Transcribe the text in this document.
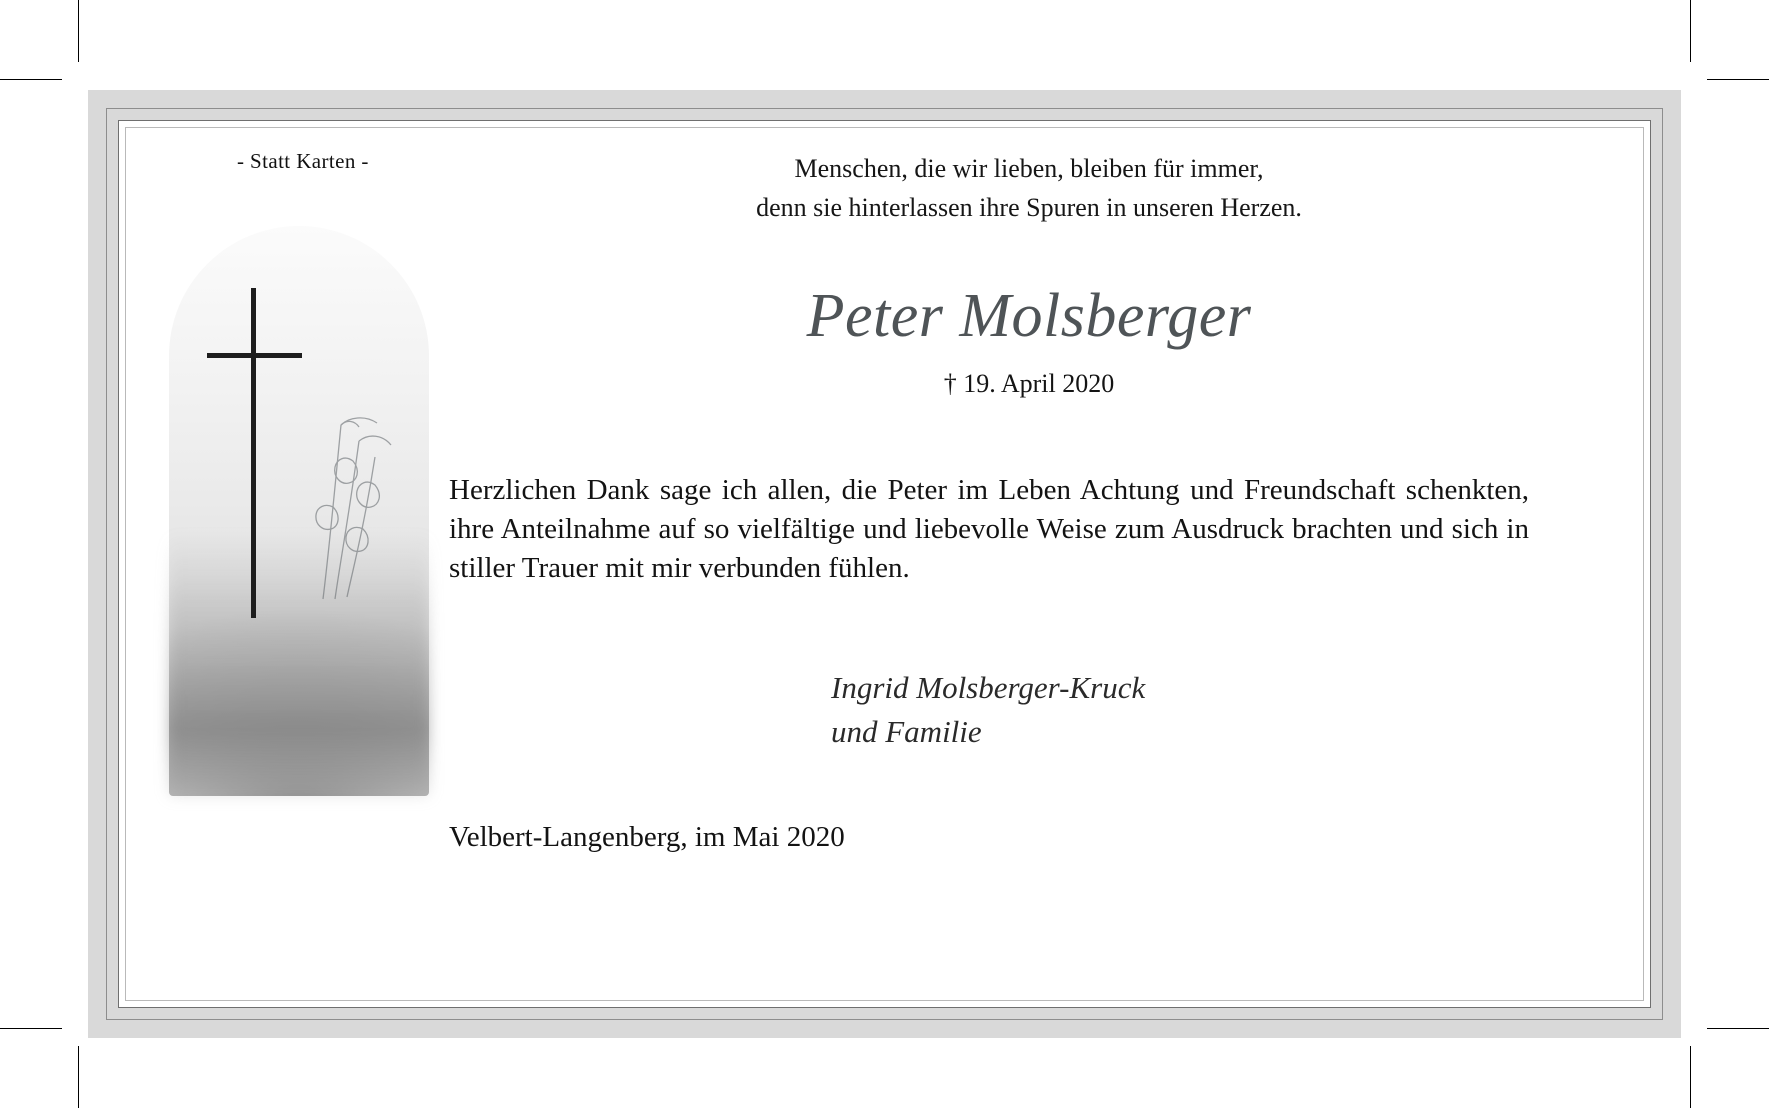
- Statt Karten -	Menschen, die wir lieben, bleiben für immer,
denn sie hinterlassen ihre Spuren in unseren Herzen.
Peter Molsberger
† 19. April 2020
Herzlichen Dank sage ich allen, die Peter im Leben Achtung und Freundschaft schenkten, ihre Anteilnahme auf so vielfältige und liebevolle Weise zum Ausdruck brachten und sich in stiller Trauer mit mir verbunden fühlen.
Ingrid Molsberger-Kruck
und Familie
Velbert-Langenberg, im Mai 2020
